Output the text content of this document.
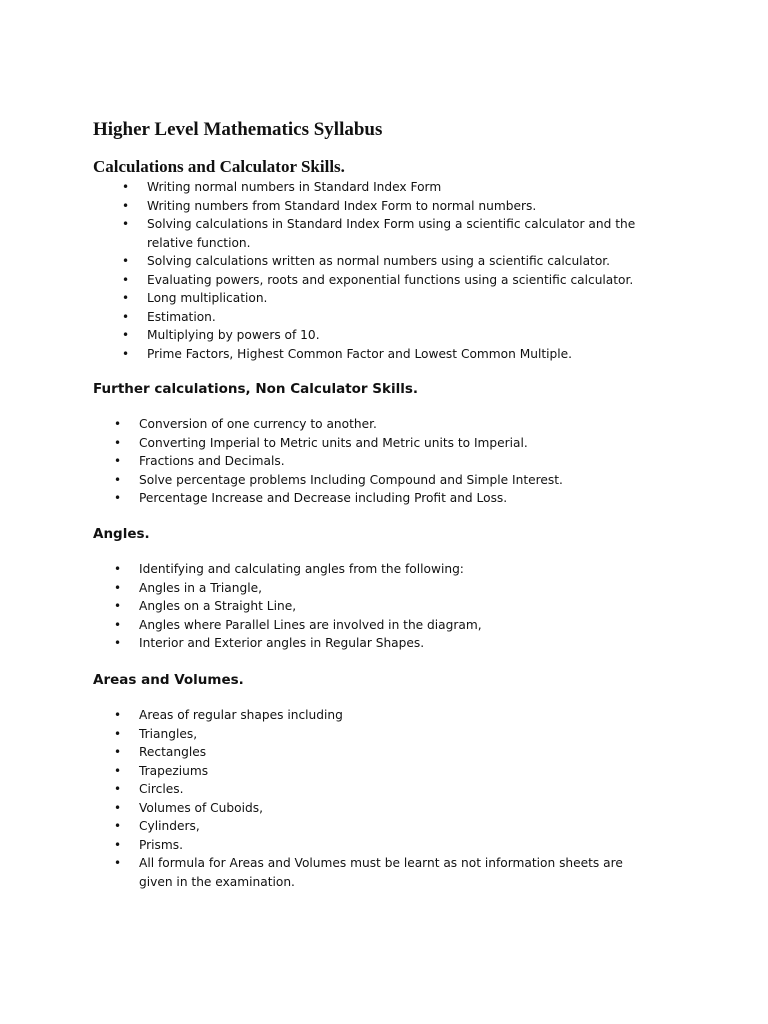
Higher Level Mathematics Syllabus
Calculations and Calculator Skills.
• Writing normal numbers in Standard Index Form
• Writing numbers from Standard Index Form to normal numbers.
• Solving calculations in Standard Index Form using a scientific calculator and the relative function.
• Solving calculations written as normal numbers using a scientific calculator.
• Evaluating powers, roots and exponential functions using a scientific calculator.
• Long multiplication.
• Estimation.
• Multiplying by powers of 10.
• Prime Factors, Highest Common Factor and Lowest Common Multiple.
Further calculations, Non Calculator Skills.
• Conversion of one currency to another.
• Converting Imperial to Metric units and Metric units to Imperial.
• Fractions and Decimals.
• Solve percentage problems Including Compound and Simple Interest.
• Percentage Increase and Decrease including Profit and Loss.
Angles.
• Identifying and calculating angles from the following:
• Angles in a Triangle,
• Angles on a Straight Line,
• Angles where Parallel Lines are involved in the diagram,
• Interior and Exterior angles in Regular Shapes.
Areas and Volumes.
• Areas of regular shapes including
• Triangles,
• Rectangles
• Trapeziums
• Circles.
• Volumes of Cuboids,
• Cylinders,
• Prisms.
• All formula for Areas and Volumes must be learnt as not information sheets are given in the examination.
